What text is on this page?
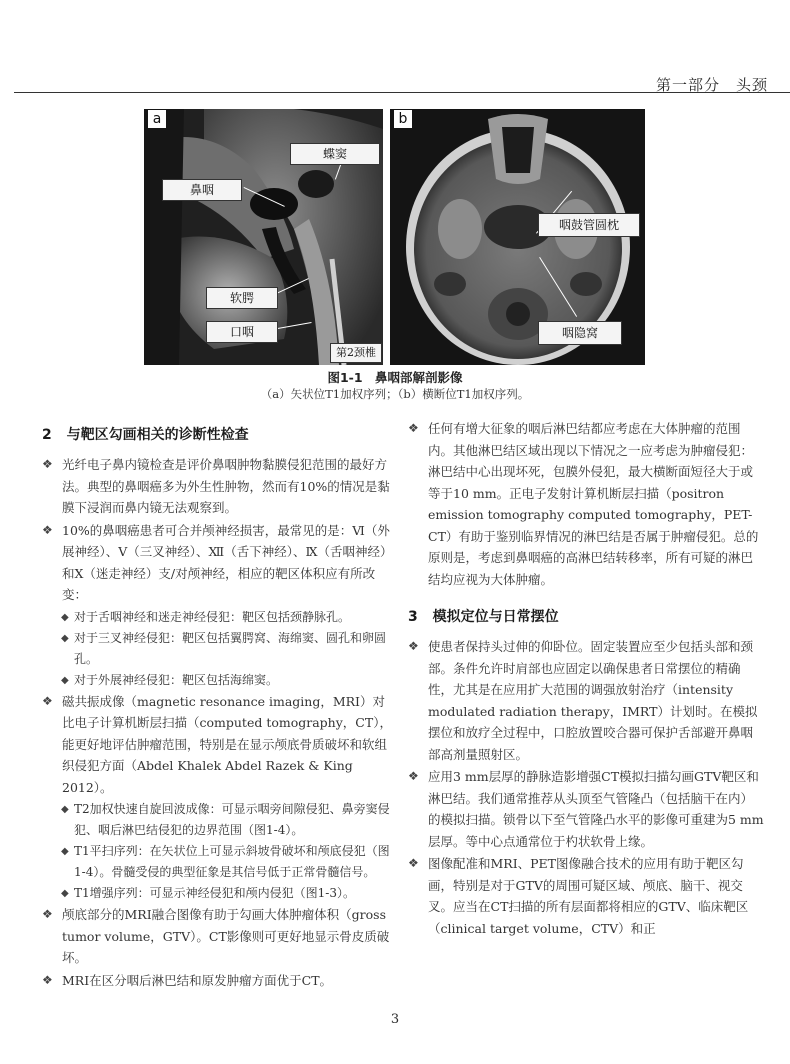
第一部分　头颈
a
蝶窦
鼻咽
软腭
口咽
第2颈椎
b
咽鼓管圆枕
咽隐窝
图1-1　鼻咽部解剖影像
（a）矢状位T1加权序列；（b）横断位T1加权序列。
2 与靶区勾画相关的诊断性检查
❖ 光纤电子鼻内镜检查是评价鼻咽肿物黏膜侵犯范围的最好方法。典型的鼻咽癌多为外生性肿物，然而有10%的情况是黏膜下浸润而鼻内镜无法观察到。
❖ 10%的鼻咽癌患者可合并颅神经损害，最常见的是：Ⅵ（外展神经）、Ⅴ（三叉神经）、Ⅻ（舌下神经）、Ⅸ（舌咽神经）和Ⅹ（迷走神经）支/对颅神经，相应的靶区体积应有所改变：
◆ 对于舌咽神经和迷走神经侵犯：靶区包括颈静脉孔。
◆ 对于三叉神经侵犯：靶区包括翼腭窝、海绵窦、圆孔和卵圆孔。
◆ 对于外展神经侵犯：靶区包括海绵窦。
❖ 磁共振成像（magnetic resonance imaging，MRI）对比电子计算机断层扫描（computed tomography，CT），能更好地评估肿瘤范围，特别是在显示颅底骨质破坏和软组织侵犯方面（Abdel Khalek Abdel Razek & King 2012）。
◆ T2加权快速自旋回波成像：可显示咽旁间隙侵犯、鼻旁窦侵犯、咽后淋巴结侵犯的边界范围（图1-4）。
◆ T1平扫序列：在矢状位上可显示斜坡骨破坏和颅底侵犯（图1-4）。骨髓受侵的典型征象是其信号低于正常骨髓信号。
◆ T1增强序列：可显示神经侵犯和颅内侵犯（图1-3）。
❖ 颅底部分的MRI融合图像有助于勾画大体肿瘤体积（gross tumor volume，GTV）。CT影像则可更好地显示骨皮质破坏。
❖ MRI在区分咽后淋巴结和原发肿瘤方面优于CT。
❖ 任何有增大征象的咽后淋巴结都应考虑在大体肿瘤的范围内。其他淋巴结区域出现以下情况之一应考虑为肿瘤侵犯：淋巴结中心出现坏死，包膜外侵犯，最大横断面短径大于或等于10 mm。正电子发射计算机断层扫描（positron emission tomography computed tomography，PET-CT）有助于鉴别临界情况的淋巴结是否属于肿瘤侵犯。总的原则是，考虑到鼻咽癌的高淋巴结转移率，所有可疑的淋巴结均应视为大体肿瘤。
3 模拟定位与日常摆位
❖ 使患者保持头过伸的仰卧位。固定装置应至少包括头部和颈部。条件允许时肩部也应固定以确保患者日常摆位的精确性，尤其是在应用扩大范围的调强放射治疗（intensity modulated radiation therapy，IMRT）计划时。在模拟摆位和放疗全过程中，口腔放置咬合器可保护舌部避开鼻咽部高剂量照射区。
❖ 应用3 mm层厚的静脉造影增强CT模拟扫描勾画GTV靶区和淋巴结。我们通常推荐从头顶至气管隆凸（包括脑干在内）的模拟扫描。锁骨以下至气管隆凸水平的影像可重建为5 mm层厚。等中心点通常位于杓状软骨上缘。
❖ 图像配准和MRI、PET图像融合技术的应用有助于靶区勾画，特别是对于GTV的周围可疑区域、颅底、脑干、视交叉。应当在CT扫描的所有层面都将相应的GTV、临床靶区（clinical target volume，CTV）和正
3
